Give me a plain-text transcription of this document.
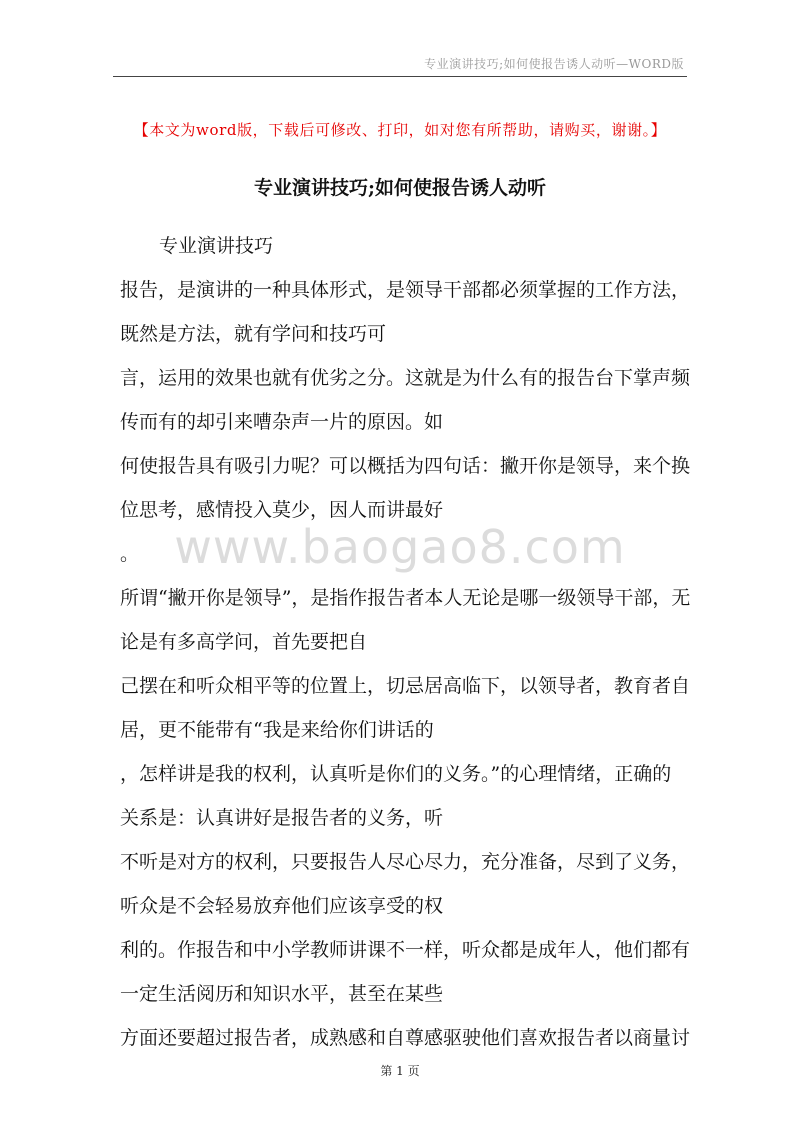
专业演讲技巧;如何使报告诱人动听—WORD版
【本文为word版，下载后可修改、打印，如对您有所帮助，请购买，谢谢。】
专业演讲技巧;如何使报告诱人动听
www.baogao8.com
专业演讲技巧
报告，是演讲的一种具体形式，是领导干部都必须掌握的工作方法，
既然是方法，就有学问和技巧可
言，运用的效果也就有优劣之分。这就是为什么有的报告台下掌声频
传而有的却引来嘈杂声一片的原因。如
何使报告具有吸引力呢？可以概括为四句话：撇开你是领导，来个换
位思考，感情投入莫少，因人而讲最好
。
所谓“撇开你是领导”，是指作报告者本人无论是哪一级领导干部，无
论是有多高学问，首先要把自
己摆在和听众相平等的位置上，切忌居高临下，以领导者，教育者自
居，更不能带有“我是来给你们讲话的
，怎样讲是我的权利，认真听是你们的义务。”的心理情绪，正确的
关系是：认真讲好是报告者的义务，听
不听是对方的权利，只要报告人尽心尽力，充分准备，尽到了义务，
听众是不会轻易放弃他们应该享受的权
利的。作报告和中小学教师讲课不一样，听众都是成年人，他们都有
一定生活阅历和知识水平，甚至在某些
方面还要超过报告者，成熟感和自尊感驱驶他们喜欢报告者以商量讨
第 1 页
